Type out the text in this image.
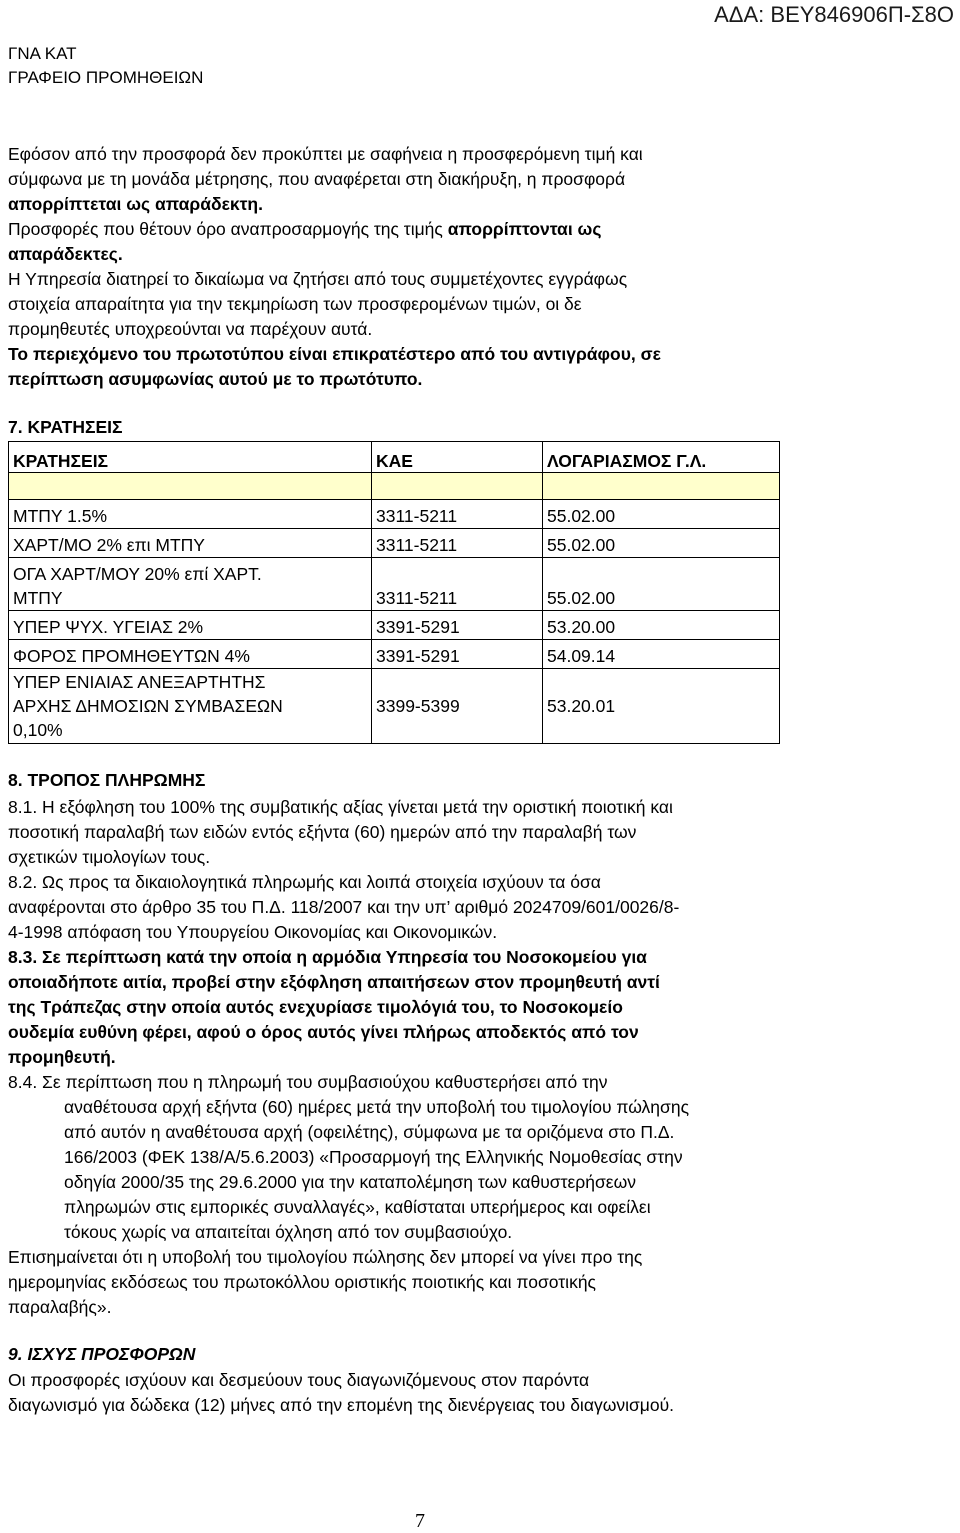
ΓΝΑ ΚΑΤ
ΓΡΑΦΕΙΟ ΠΡΟΜΗΘΕΙΩΝ
ΑΔΑ: ΒΕΥ846906Π-Σ8Ο
Εφόσον από την προσφορά δεν προκύπτει με σαφήνεια η προσφερόμενη τιμή και
σύμφωνα με τη μονάδα μέτρησης, που αναφέρεται στη διακήρυξη, η προσφορά
απορρίπτεται ως απαράδεκτη.
Προσφορές που θέτουν όρο αναπροσαρμογής της τιμής απορρίπτονται ως
απαράδεκτες.
Η Υπηρεσία διατηρεί το δικαίωμα να ζητήσει από τους συμμετέχοντες εγγράφως
στοιχεία απαραίτητα για την τεκμηρίωση των προσφερομένων τιμών, οι δε
προμηθευτές υποχρεούνται να παρέχουν αυτά.
Το περιεχόμενο του πρωτοτύπου είναι επικρατέστερο από του αντιγράφου, σε
περίπτωση ασυμφωνίας αυτού με το πρωτότυπο.
7. ΚΡΑΤΗΣΕΙΣ
ΚΡΑΤΗΣΕΙΣ	ΚΑΕ	ΛΟΓΑΡΙΑΣΜΟΣ Γ.Λ.

ΜΤΠΥ 1.5%	3311-5211	55.02.00
ΧΑΡΤ/ΜΟ 2% επι ΜΤΠΥ	3311-5211	55.02.00

ΟΓΑ ΧΑΡΤ/ΜΟΥ 20% επί ΧΑΡΤ.
ΜΤΠΥ	3311-5211	55.02.00
ΥΠΕΡ ΨΥΧ. ΥΓΕΙΑΣ 2%	3391-5291	53.20.00
ΦΟΡΟΣ ΠΡΟΜΗΘΕΥΤΩΝ 4%	3391-5291	54.09.14

ΥΠΕΡ ΕΝΙΑΙΑΣ ΑΝΕΞΑΡΤΗΤΗΣ
ΑΡΧΗΣ ΔΗΜΟΣΙΩΝ ΣΥΜΒΑΣΕΩΝ
0,10%	3399-5399	53.20.01
8. ΤΡΟΠΟΣ ΠΛΗΡΩΜΗΣ
8.1. Η εξόφληση του 100% της συμβατικής αξίας γίνεται μετά την οριστική ποιοτική και
ποσοτική παραλαβή των ειδών εντός εξήντα (60) ημερών από την παραλαβή των
σχετικών τιμολογίων τους.
8.2. Ως προς τα δικαιολογητικά πληρωμής και λοιπά στοιχεία ισχύουν τα όσα
αναφέρονται στο άρθρο 35 του Π.Δ. 118/2007 και την υπ’ αριθμό 2024709/601/0026/8-
4-1998 απόφαση του Υπουργείου Οικονομίας και Οικονομικών.
8.3. Σε περίπτωση κατά την οποία η αρμόδια Υπηρεσία του Νοσοκομείου για
οποιαδήποτε αιτία, προβεί στην εξόφληση απαιτήσεων στον προμηθευτή αντί
της Τράπεζας στην οποία αυτός ενεχυρίασε τιμολόγιά του, το Νοσοκομείο
ουδεμία ευθύνη φέρει, αφού ο όρος αυτός γίνει πλήρως αποδεκτός από τον
προμηθευτή.
8.4. Σε περίπτωση που η πληρωμή του συμβασιούχου καθυστερήσει από την
αναθέτουσα αρχή εξήντα (60) ημέρες μετά την υποβολή του τιμολογίου πώλησης
από αυτόν η αναθέτουσα αρχή (οφειλέτης), σύμφωνα με τα οριζόμενα στο Π.Δ.
166/2003 (ΦΕΚ 138/Α/5.6.2003) «Προσαρμογή της Ελληνικής Νομοθεσίας στην
οδηγία 2000/35 της 29.6.2000 για την καταπολέμηση των καθυστερήσεων
πληρωμών στις εμπορικές συναλλαγές», καθίσταται υπερήμερος και οφείλει
τόκους χωρίς να απαιτείται όχληση από τον συμβασιούχο.
Επισημαίνεται ότι η υποβολή του τιμολογίου πώλησης δεν μπορεί να γίνει προ της
ημερομηνίας εκδόσεως του πρωτοκόλλου οριστικής ποιοτικής και ποσοτικής
παραλαβής».
9. ΙΣΧΥΣ ΠΡΟΣΦΟΡΩΝ
Οι προσφορές ισχύουν και δεσμεύουν τους διαγωνιζόμενους στον παρόντα
διαγωνισμό για δώδεκα (12) μήνες από την επομένη της διενέργειας του διαγωνισμού.
7
